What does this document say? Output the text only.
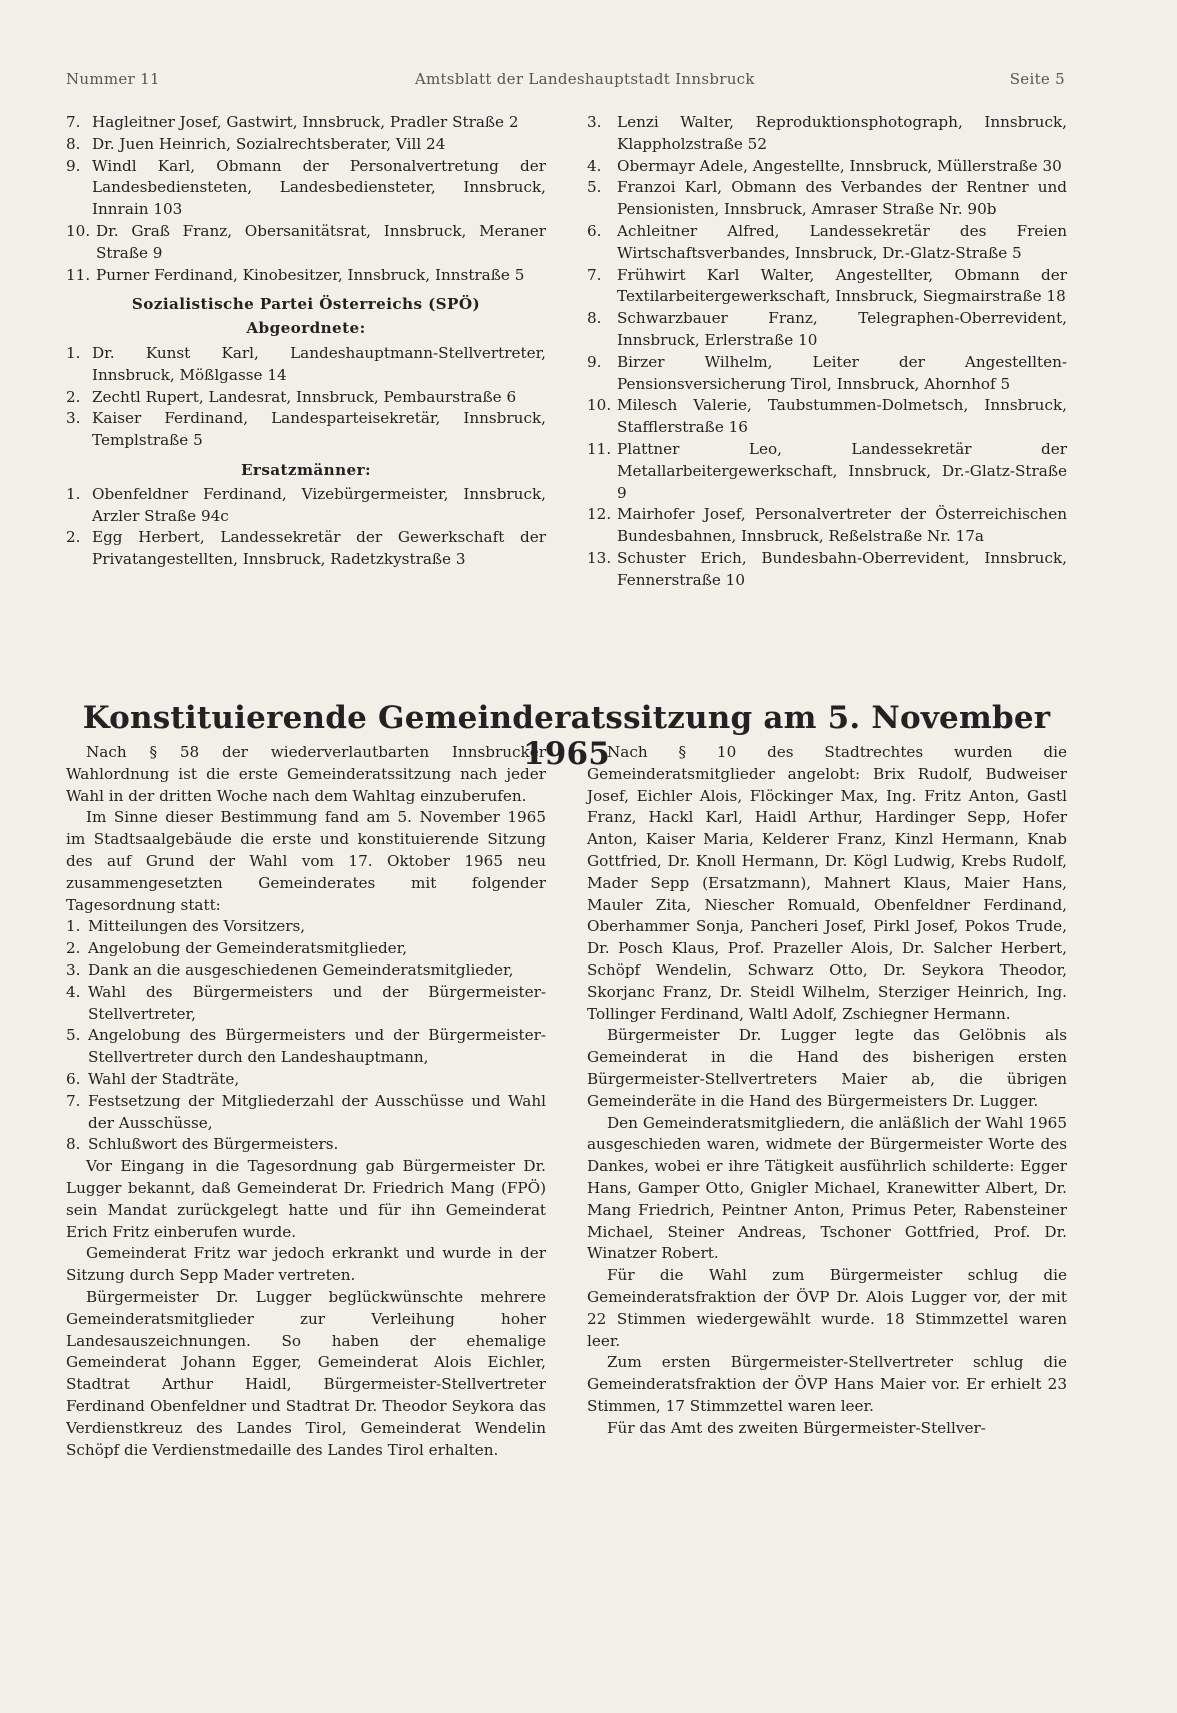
Nummer 11	Amtsblatt der Landeshauptstadt Innsbruck	Seite 5
7. Hagleitner Josef, Gastwirt, Innsbruck, Pradler Straße 2
8. Dr. Juen Heinrich, Sozialrechtsberater, Vill 24
9. Windl Karl, Obmann der Personalvertretung der Landesbediensteten, Landesbediensteter, Innsbruck, Innrain 103
10. Dr. Graß Franz, Obersanitätsrat, Innsbruck, Meraner Straße 9
11. Purner Ferdinand, Kinobesitzer, Innsbruck, Innstraße 5
Sozialistische Partei Österreichs (SPÖ)
Abgeordnete:
1. Dr. Kunst Karl, Landeshauptmann-Stellvertreter, Innsbruck, Mößlgasse 14
2. Zechtl Rupert, Landesrat, Innsbruck, Pembaurstraße 6
3. Kaiser Ferdinand, Landesparteisekretär, Innsbruck, Templstraße 5
Ersatzmänner:
1. Obenfeldner Ferdinand, Vizebürgermeister, Innsbruck, Arzler Straße 94c
2. Egg Herbert, Landessekretär der Gewerkschaft der Privatangestellten, Innsbruck, Radetzkystraße 3
3.	Lenzi Walter, Reproduktionsphotograph, Innsbruck, Klappholzstraße 52
4.	Obermayr Adele, Angestellte, Innsbruck, Müllerstraße 30
5.	Franzoi Karl, Obmann des Verbandes der Rentner und Pensionisten, Innsbruck, Amraser Straße Nr. 90b
6.	Achleitner Alfred, Landessekretär des Freien Wirtschaftsverbandes, Innsbruck, Dr.-Glatz-Straße 5
7.	Frühwirt Karl Walter, Angestellter, Obmann der Textilarbeitergewerkschaft, Innsbruck, Siegmairstraße 18
8.	Schwarzbauer Franz, Telegraphen-Oberrevident, Innsbruck, Erlerstraße 10
9.	Birzer Wilhelm, Leiter der Angestellten-Pensionsversicherung Tirol, Innsbruck, Ahornhof 5
10. Milesch Valerie, Taubstummen-Dolmetsch, Innsbruck, Stafflerstraße 16
11. Plattner Leo, Landessekretär der Metallarbeitergewerkschaft, Innsbruck, Dr.-Glatz-Straße 9
12. Mairhofer Josef, Personalvertreter der Österreichischen Bundesbahnen, Innsbruck, Reßelstraße Nr. 17a
13. Schuster Erich, Bundesbahn-Oberrevident, Innsbruck, Fennerstraße 10
Konstituierende Gemeinderatssitzung am 5. November 1965

Nach § 58 der wiederverlautbarten Innsbrucker Wahlordnung ist die erste Gemeinderatssitzung nach jeder Wahl in der dritten Woche nach dem Wahltag einzuberufen.

Im Sinne dieser Bestimmung fand am 5. November 1965 im Stadtsaalgebäude die erste und konstituierende Sitzung des auf Grund der Wahl vom 17. Oktober 1965 neu zusammengesetzten Gemeinderates mit folgender Tagesordnung statt:

1. Mitteilungen des Vorsitzers,
2. Angelobung der Gemeinderatsmitglieder,
3. Dank an die ausgeschiedenen Gemeinderatsmitglieder,
4. Wahl des Bürgermeisters und der Bürgermeister-Stellvertreter,
5. Angelobung des Bürgermeisters und der Bürgermeister-Stellvertreter durch den Landeshauptmann,
6. Wahl der Stadträte,
7. Festsetzung der Mitgliederzahl der Ausschüsse und Wahl der Ausschüsse,
8. Schlußwort des Bürgermeisters.

Vor Eingang in die Tagesordnung gab Bürgermeister Dr. Lugger bekannt, daß Gemeinderat Dr. Friedrich Mang (FPÖ) sein Mandat zurückgelegt hatte und für ihn Gemeinderat Erich Fritz einberufen wurde.

Gemeinderat Fritz war jedoch erkrankt und wurde in der Sitzung durch Sepp Mader vertreten.

Bürgermeister Dr. Lugger beglückwünschte mehrere Gemeinderatsmitglieder zur Verleihung hoher Landesauszeichnungen. So haben der ehemalige Gemeinderat Johann Egger, Gemeinderat Alois Eichler, Stadtrat Arthur Haidl, Bürgermeister-Stellvertreter Ferdinand Obenfeldner und Stadtrat Dr. Theodor Seykora das Verdienstkreuz des Landes Tirol, Gemeinderat Wendelin Schöpf die Verdienstmedaille des Landes Tirol erhalten.

Nach § 10 des Stadtrechtes wurden die Gemeinderatsmitglieder angelobt: Brix Rudolf, Budweiser Josef, Eichler Alois, Flöckinger Max, Ing. Fritz Anton, Gastl Franz, Hackl Karl, Haidl Arthur, Hardinger Sepp, Hofer Anton, Kaiser Maria, Kelderer Franz, Kinzl Hermann, Knab Gottfried, Dr. Knoll Hermann, Dr. Kögl Ludwig, Krebs Rudolf, Mader Sepp (Ersatzmann), Mahnert Klaus, Maier Hans, Mauler Zita, Niescher Romuald, Obenfeldner Ferdinand, Oberhammer Sonja, Pancheri Josef, Pirkl Josef, Pokos Trude, Dr. Posch Klaus, Prof. Prazeller Alois, Dr. Salcher Herbert, Schöpf Wendelin, Schwarz Otto, Dr. Seykora Theodor, Skorjanc Franz, Dr. Steidl Wilhelm, Sterziger Heinrich, Ing. Tollinger Ferdinand, Waltl Adolf, Zschiegner Hermann.

Bürgermeister Dr. Lugger legte das Gelöbnis als Gemeinderat in die Hand des bisherigen ersten Bürgermeister-Stellvertreters Maier ab, die übrigen Gemeinderäte in die Hand des Bürgermeisters Dr. Lugger.

Den Gemeinderatsmitgliedern, die anläßlich der Wahl 1965 ausgeschieden waren, widmete der Bürgermeister Worte des Dankes, wobei er ihre Tätigkeit ausführlich schilderte: Egger Hans, Gamper Otto, Gnigler Michael, Kranewitter Albert, Dr. Mang Friedrich, Peintner Anton, Primus Peter, Rabensteiner Michael, Steiner Andreas, Tschoner Gottfried, Prof. Dr. Winatzer Robert.

Für die Wahl zum Bürgermeister schlug die Gemeinderatsfraktion der ÖVP Dr. Alois Lugger vor, der mit 22 Stimmen wiedergewählt wurde. 18 Stimmzettel waren leer.

Zum ersten Bürgermeister-Stellvertreter schlug die Gemeinderatsfraktion der ÖVP Hans Maier vor. Er erhielt 23 Stimmen, 17 Stimmzettel waren leer.

Für das Amt des zweiten Bürgermeister-Stellver-
